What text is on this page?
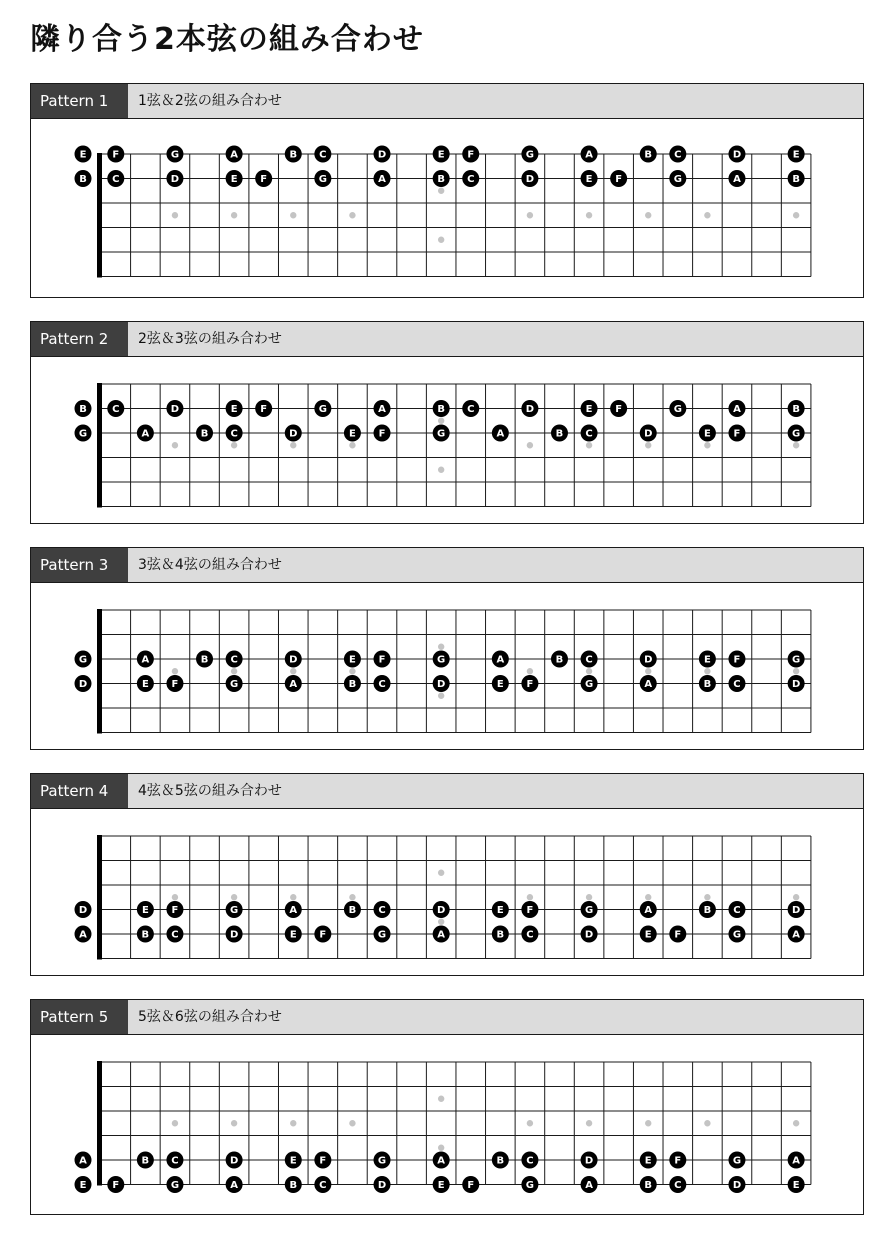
隣り合う2本弦の組み合わせ
Pattern 1	1弦＆2弦の組み合わせ
E	F	G	A	B C	D	E F	G	A	B C	D	E
B	C	D	E F	G	A	B C	D	E F	G	A	B
Pattern 2	2弦＆3弦の組み合わせ
B	C	D	E F	G	A	B C	D	E F	G	A	B
G	A	B C	D	E F	G	A	B C	D	E F	G
Pattern 3	3弦＆4弦の組み合わせ
G	A	B C	D	E F	G	A	B C	D	E F	G
D	E F	G	A	B C	D	E F	G	A	B C	D
Pattern 4	4弦＆5弦の組み合わせ
D	E F	G	A	B C	D	E F	G	A	B C	D
A	B C	D	E F	G	A	B C	D	E F	G	A
Pattern 5	5弦＆6弦の組み合わせ
A	B C	D	E F	G	A	B C	D	E F	G	A
E	F	G	A	B C	D	E F	G	A	B C	D	E
